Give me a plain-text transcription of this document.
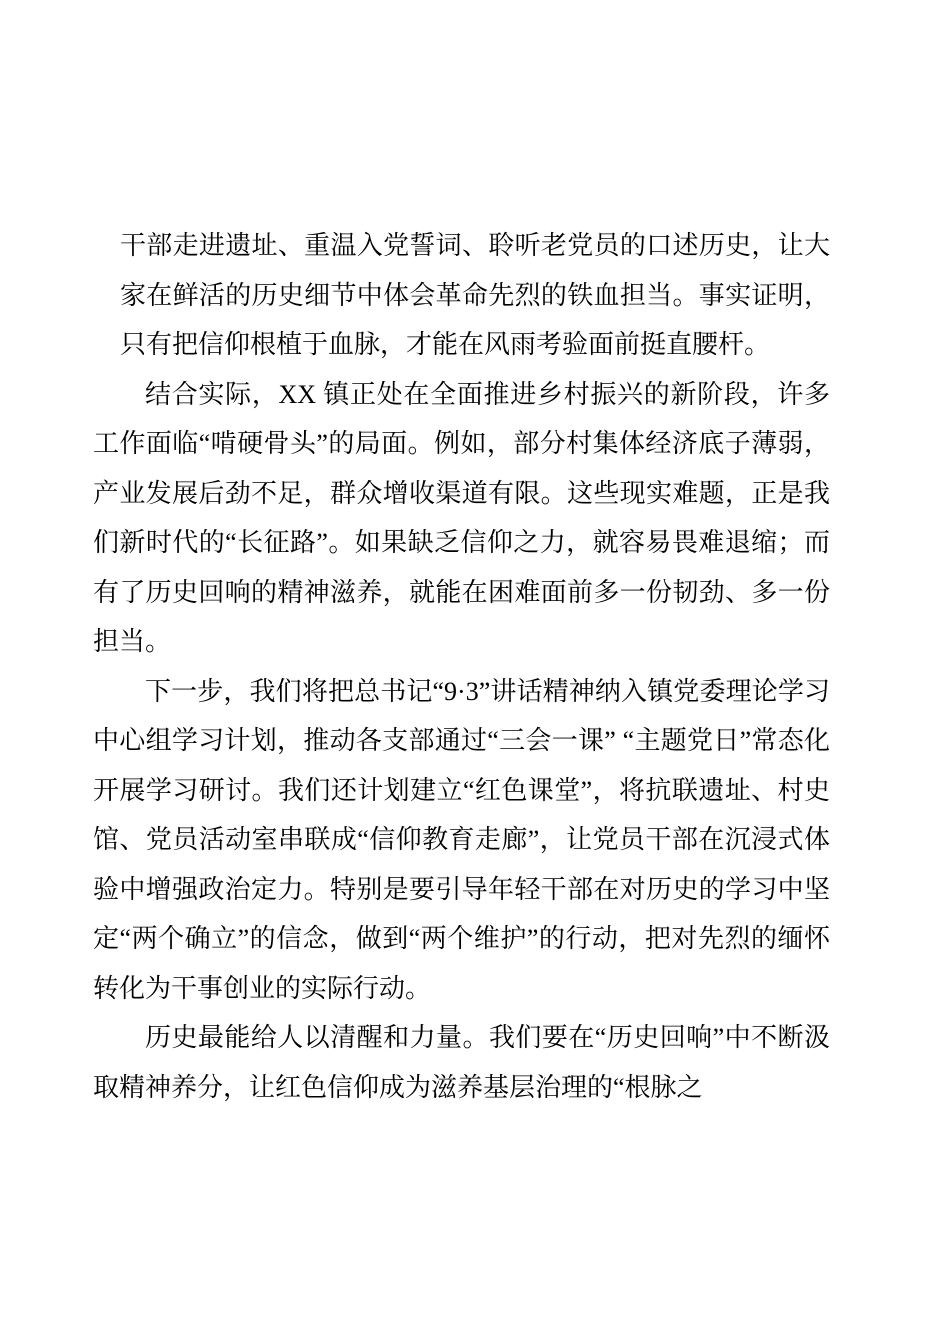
干部走进遗址、重温入党誓词、聆听老党员的口述历史，让大家在鲜活的历史细节中体会革命先烈的铁血担当。事实证明，只有把信仰根植于血脉，才能在风雨考验面前挺直腰杆。

结合实际，XX 镇正处在全面推进乡村振兴的新阶段，许多工作面临“啃硬骨头”的局面。例如，部分村集体经济底子薄弱，产业发展后劲不足，群众增收渠道有限。这些现实难题，正是我们新时代的“长征路”。如果缺乏信仰之力，就容易畏难退缩；而有了历史回响的精神滋养，就能在困难面前多一份韧劲、多一份担当。

下一步，我们将把总书记“9·3”讲话精神纳入镇党委理论学习中心组学习计划，推动各支部通过“三会一课” “主题党日”常态化开展学习研讨。我们还计划建立“红色课堂”，将抗联遗址、村史馆、党员活动室串联成“信仰教育走廊”，让党员干部在沉浸式体验中增强政治定力。特别是要引导年轻干部在对历史的学习中坚定“两个确立”的信念，做到“两个维护”的行动，把对先烈的缅怀转化为干事创业的实际行动。

历史最能给人以清醒和力量。我们要在“历史回响”中不断汲取精神养分，让红色信仰成为滋养基层治理的“根脉之
